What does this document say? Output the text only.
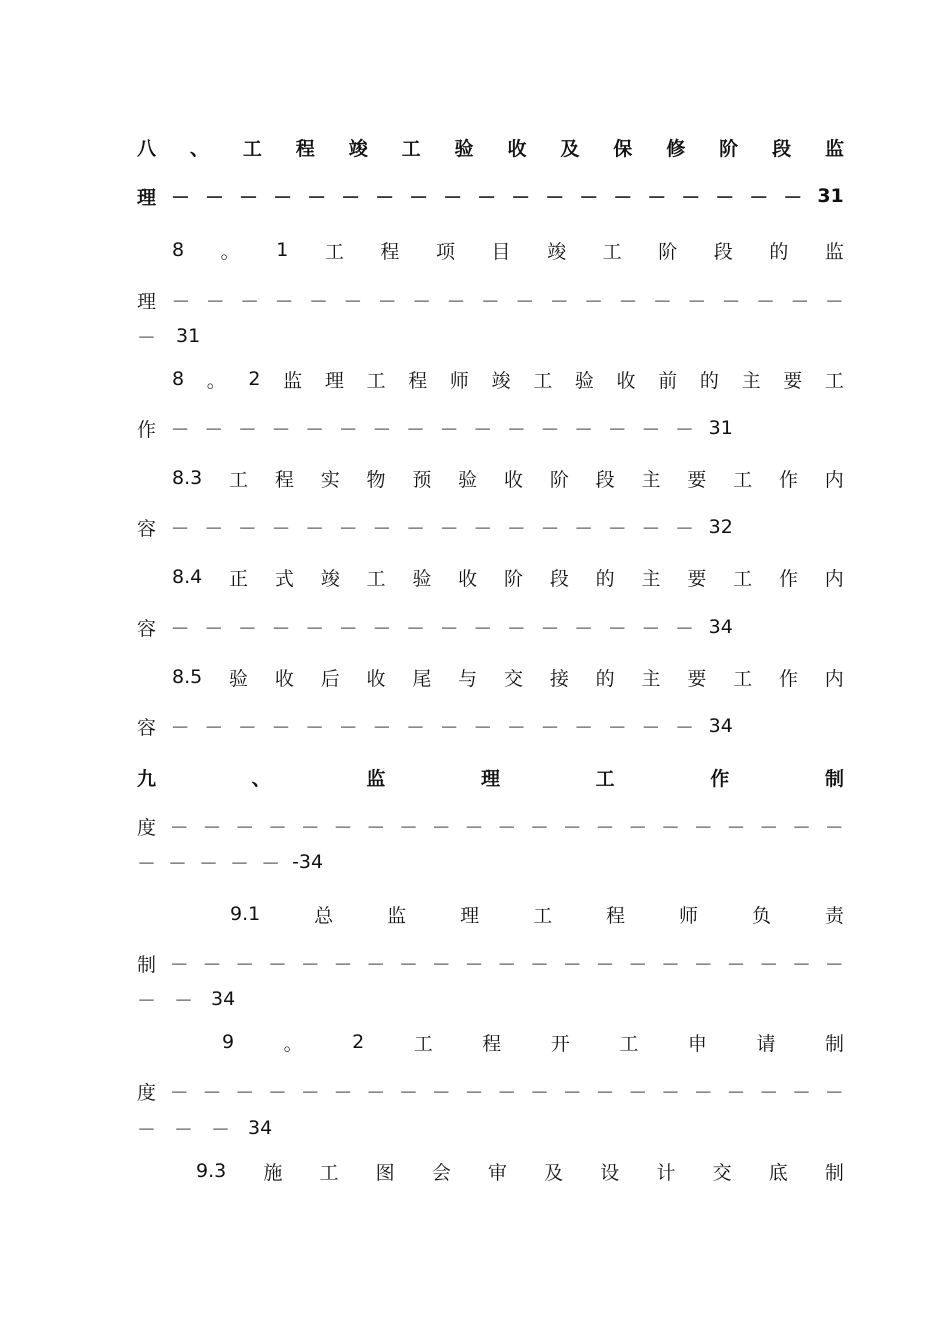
八 、 工 程 竣 工 验 收 及 保 修 阶 段 监
理 － － － － － － － － － － － － － － － － － － － 31
8 。 1 工 程 项 目 竣 工 阶 段 的 监
理 － － － － － － － － － － － － － － － － － － － －
－ 31
8 。 2 监 理 工 程 师 竣 工 验 收 前 的 主 要 工
作 － － － － － － － － － － － － － － － － 31
8.3 工 程 实 物 预 验 收 阶 段 主 要 工 作 内
容 － － － － － － － － － － － － － － － － 32
8.4 正 式 竣 工 验 收 阶 段 的 主 要 工 作 内
容 － － － － － － － － － － － － － － － － 34
8.5 验 收 后 收 尾 与 交 接 的 主 要 工 作 内
容 － － － － － － － － － － － － － － － － 34
九	、	监	理	工	作	制
度 － － － － － － － － － － － － － － － － － － － － －
－ － － － － -34
9.1	总	监	理	工	程	师	负	责
制 － － － － － － － － － － － － － － － － － － － － －
－ － 34
9	。	2	工	程	开	工	申	请	制
度 － － － － － － － － － － － － － － － － － － － － －
－ － － 34
9.3 施 工 图 会 审 及 设 计 交 底 制
